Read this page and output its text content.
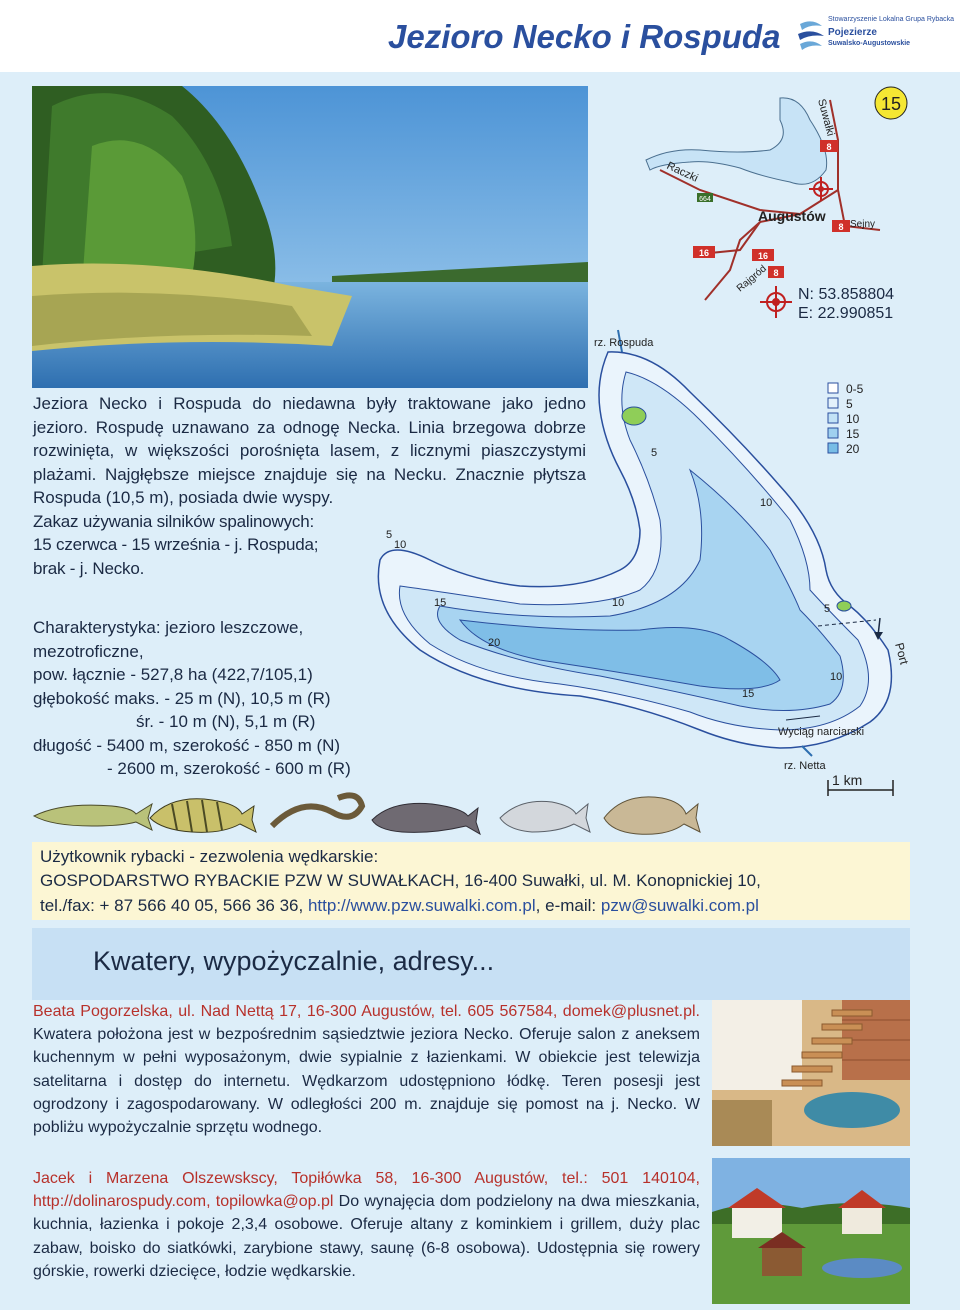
Jezioro Necko i Rospuda	Stowarzyszenie Lokalna Grupa Rybacka
Pojezierze
Suwalsko-Augustowskie

Jeziora Necko i Rospuda do niedawna były traktowane jako jedno jezioro. Rospudę uznawano za odnogę Necka. Linia brzegowa dobrze rozwinięta, w większości porośnięta lasem, z licznymi piaszczystymi plażami. Najgłębsze miejsce znajduje się na Necku. Znacznie płytsza Rospuda (10,5 m), posiada dwie wyspy.

Zakaz używania silników spalinowych:
15 czerwca - 15 września - j. Rospuda;
brak - j. Necko.
Charakterystyka: jezioro leszczowe,
mezotroficzne,
pow. łącznie - 527,8 ha (422,7/105,1)
głębokość maks. - 25 m (N), 10,5 m (R)
śr. - 10 m (N), 5,1 m (R)
długość - 5400 m, szerokość - 850 m (N)
- 2600 m, szerokość - 600 m (R)
8
8
8
16	16
664
Suwałki
Raczki
Augustów
Sejny
Rajgród
15
N: 53.858804
E: 22.990851
rz. Rospuda
5
10
5
10
15	10
20
5
10
15
0-5
5
10
15
20
Port
Wyciąg narciarski
rz. Netta
1 km
Użytkownik rybacki - zezwolenia wędkarskie:
GOSPODARSTWO RYBACKIE PZW W SUWAŁKACH, 16-400 Suwałki, ul. M. Konopnickiej 10,
tel./fax: + 87 566 40 05, 566 36 36, http://www.pzw.suwalki.com.pl, e-mail: pzw@suwalki.com.pl
Kwatery, wypożyczalnie, adresy...
Beata Pogorzelska, ul. Nad Nettą 17, 16-300 Augustów, tel. 605 567584, domek@plusnet.pl. Kwatera położona jest w bezpośrednim sąsiedztwie jeziora Necko. Oferuje salon z aneksem kuchennym w pełni wyposażonym, dwie sypialnie z łazienkami. W obiekcie jest telewizja satelitarna i dostęp do internetu. Wędkarzom udostępniono łódkę. Teren posesji jest ogrodzony i zagospodarowany. W odległości 200 m. znajduje się pomost na j. Necko. W pobliżu wypożyczalnie sprzętu wodnego.
Jacek i Marzena Olszewskscy, Topiłówka 58, 16-300 Augustów, tel.: 501 140104, http://dolinarospudy.com, topilowka@op.pl Do wynajęcia dom podzielony na dwa mieszkania, kuchnia, łazienka i pokoje 2,3,4 osobowe. Oferuje altany z kominkiem i grillem, duży plac zabaw, boisko do siatkówki, zarybione stawy, saunę (6-8 osobowa). Udostępnia się rowery górskie, rowerki dziecięce, łodzie wędkarskie.
